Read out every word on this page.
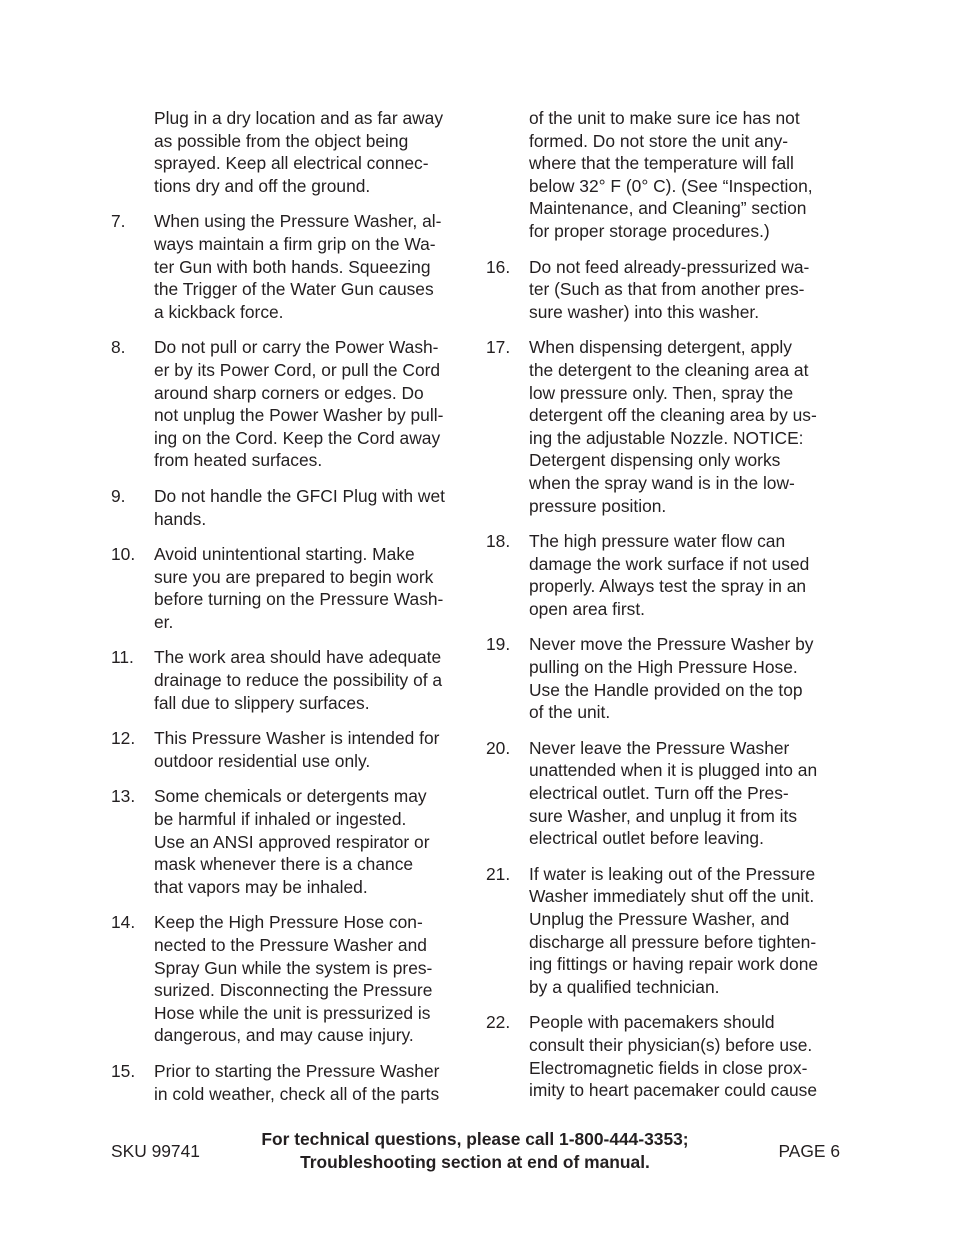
Plug in a dry location and as far away
as possible from the object being
sprayed. Keep all electrical connec-
tions dry and off the ground.
7. When using the Pressure Washer, al-
ways maintain a firm grip on the Wa-
ter Gun with both hands. Squeezing
the Trigger of the Water Gun causes
a kickback force.
8. Do not pull or carry the Power Wash-
er by its Power Cord, or pull the Cord
around sharp corners or edges. Do
not unplug the Power Washer by pull-
ing on the Cord. Keep the Cord away
from heated surfaces.
9. Do not handle the GFCI Plug with wet
hands.
10. Avoid unintentional starting. Make
sure you are prepared to begin work
before turning on the Pressure Wash-
er.
11. The work area should have adequate
drainage to reduce the possibility of a
fall due to slippery surfaces.
12. This Pressure Washer is intended for
outdoor residential use only.
13. Some chemicals or detergents may
be harmful if inhaled or ingested.
Use an ANSI approved respirator or
mask whenever there is a chance
that vapors may be inhaled.
14. Keep the High Pressure Hose con-
nected to the Pressure Washer and
Spray Gun while the system is pres-
surized. Disconnecting the Pressure
Hose while the unit is pressurized is
dangerous, and may cause injury.
15. Prior to starting the Pressure Washer
in cold weather, check all of the parts
of the unit to make sure ice has not
formed. Do not store the unit any-
where that the temperature will fall
below 32° F (0° C). (See “Inspection,
Maintenance, and Cleaning” section
for proper storage procedures.)
16. Do not feed already-pressurized wa-
ter (Such as that from another pres-
sure washer) into this washer.
17. When dispensing detergent, apply
the detergent to the cleaning area at
low pressure only. Then, spray the
detergent off the cleaning area by us-
ing the adjustable Nozzle. NOTICE:
Detergent dispensing only works
when the spray wand is in the low-
pressure position.
18. The high pressure water flow can
damage the work surface if not used
properly. Always test the spray in an
open area first.
19. Never move the Pressure Washer by
pulling on the High Pressure Hose.
Use the Handle provided on the top
of the unit.
20. Never leave the Pressure Washer
unattended when it is plugged into an
electrical outlet. Turn off the Pres-
sure Washer, and unplug it from its
electrical outlet before leaving.
21. If water is leaking out of the Pressure
Washer immediately shut off the unit.
Unplug the Pressure Washer, and
discharge all pressure before tighten-
ing fittings or having repair work done
by a qualified technician.
22. People with pacemakers should
consult their physician(s) before use.
Electromagnetic fields in close prox-
imity to heart pacemaker could cause
SKU 99741
For technical questions, please call 1-800-444-3353;
Troubleshooting section at end of manual.
PAGE 6
